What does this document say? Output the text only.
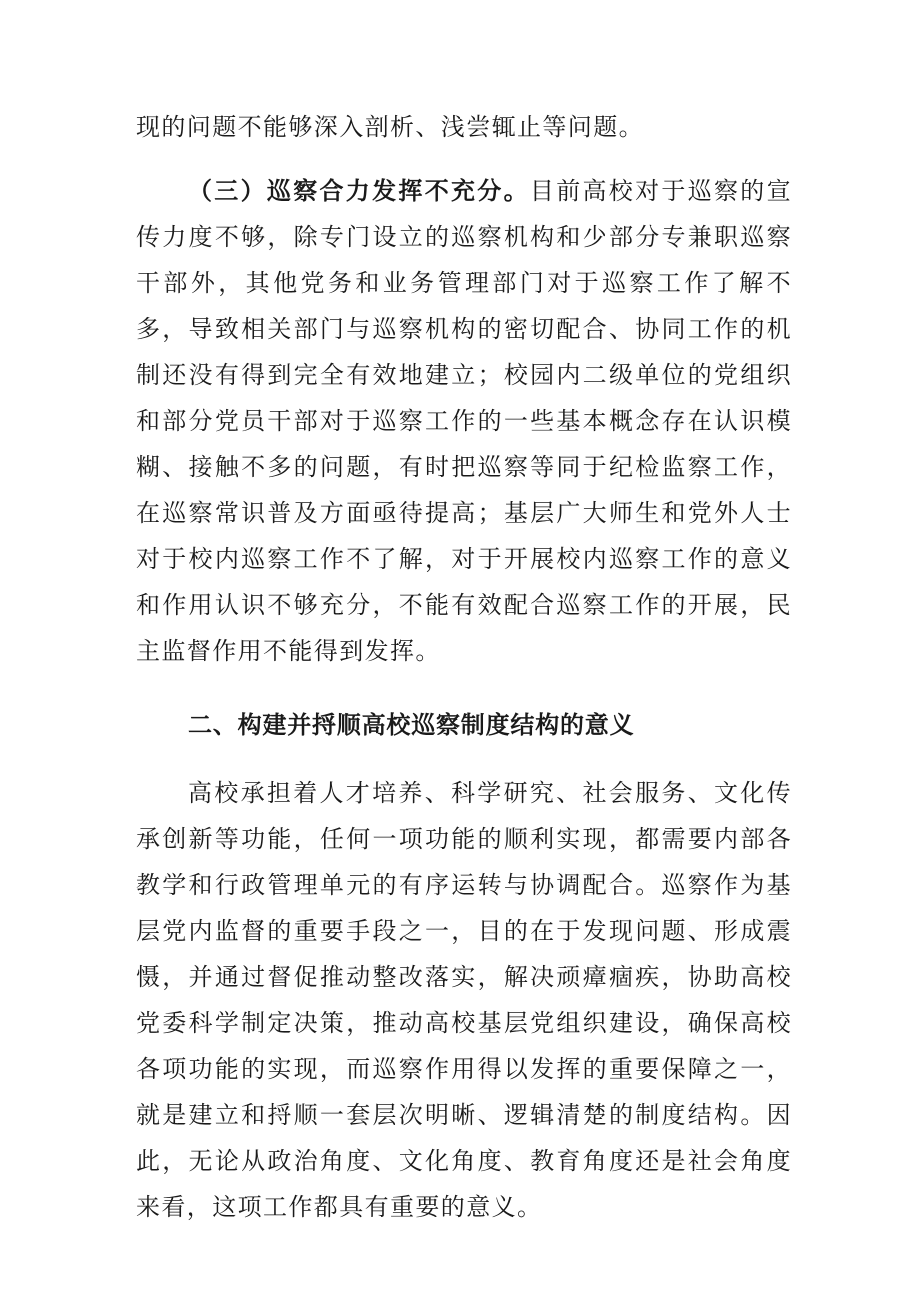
现的问题不能够深入剖析、浅尝辄止等问题。

（三）巡察合力发挥不充分。目前高校对于巡察的宣传力度不够，除专门设立的巡察机构和少部分专兼职巡察干部外，其他党务和业务管理部门对于巡察工作了解不多，导致相关部门与巡察机构的密切配合、协同工作的机制还没有得到完全有效地建立；校园内二级单位的党组织和部分党员干部对于巡察工作的一些基本概念存在认识模糊、接触不多的问题，有时把巡察等同于纪检监察工作，在巡察常识普及方面亟待提高；基层广大师生和党外人士对于校内巡察工作不了解，对于开展校内巡察工作的意义和作用认识不够充分，不能有效配合巡察工作的开展，民主监督作用不能得到发挥。

二、构建并捋顺高校巡察制度结构的意义

高校承担着人才培养、科学研究、社会服务、文化传承创新等功能，任何一项功能的顺利实现，都需要内部各教学和行政管理单元的有序运转与协调配合。巡察作为基层党内监督的重要手段之一，目的在于发现问题、形成震慑，并通过督促推动整改落实，解决顽瘴痼疾，协助高校党委科学制定决策，推动高校基层党组织建设，确保高校各项功能的实现，而巡察作用得以发挥的重要保障之一，就是建立和捋顺一套层次明晰、逻辑清楚的制度结构。因此，无论从政治角度、文化角度、教育角度还是社会角度来看，这项工作都具有重要的意义。
